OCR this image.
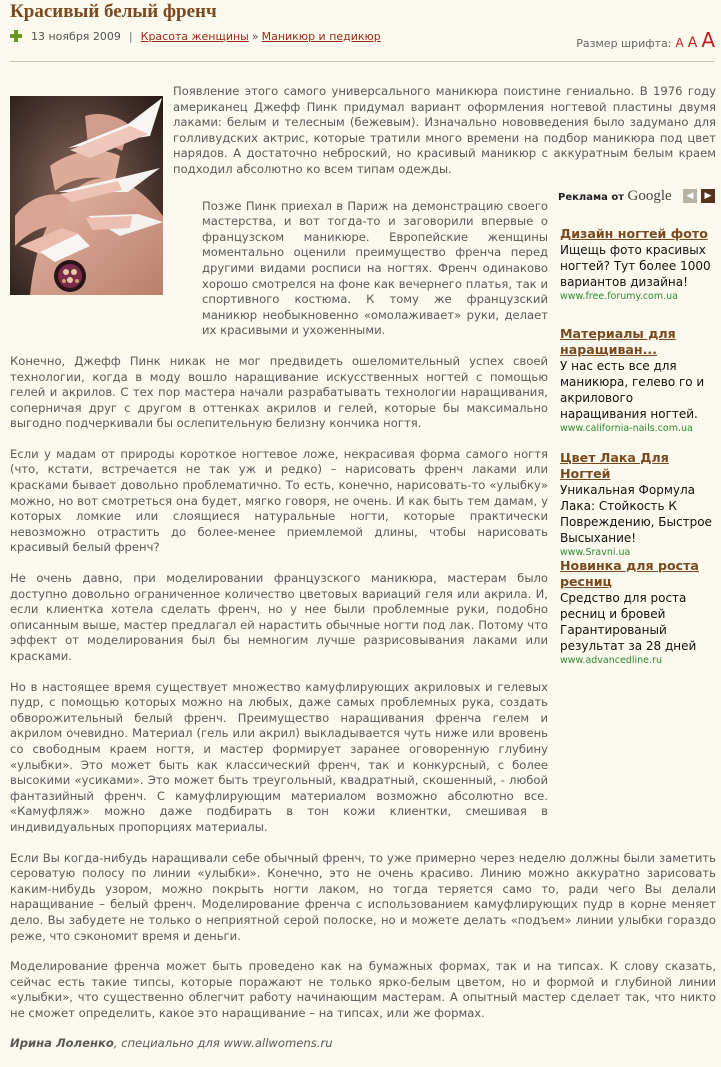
Красивый белый френч
13 ноября 2009 | Красота женщины » Маникюр и педикюр
Размер шрифта: A A A

Появление этого самого универсального маникюра поистине гениально. В 1976 году американец Джефф Пинк придумал вариант оформления ногтевой пластины двумя лаками: белым и телесным (бежевым). Изначально нововведения было задумано для голливудских актрис, которые тратили много времени на подбор маникюра под цвет нарядов. А достаточно неброский, но красивый маникюр с аккуратным белым краем подходил абсолютно ко всем типам одежды.

Позже Пинк приехал в Париж на демонстрацию своего мастерства, и вот тогда-то и заговорили впервые о французском маникюре. Европейские женщины моментально оценили преимущество френча перед другими видами росписи на ногтях. Френч одинаково хорошо смотрелся на фоне как вечернего платья, так и спортивного костюма. К тому же французский маникюр необыкновенно «омолаживает» руки, делает их красивыми и ухоженными.

Конечно, Джефф Пинк никак не мог предвидеть ошеломительный успех своей технологии, когда в моду вошло наращивание искусственных ногтей с помощью гелей и акрилов. С тех пор мастера начали разрабатывать технологии наращивания, соперничая друг с другом в оттенках акрилов и гелей, которые бы максимально выгодно подчеркивали бы ослепительную белизну кончика ногтя.

Если у мадам от природы короткое ногтевое ложе, некрасивая форма самого ногтя (что, кстати, встречается не так уж и редко) – нарисовать френч лаками или красками бывает довольно проблематично. То есть, конечно, нарисовать-то «улыбку» можно, но вот смотреться она будет, мягко говоря, не очень. И как быть тем дамам, у которых ломкие или слоящиеся натуральные ногти, которые практически невозможно отрастить до более-менее приемлемой длины, чтобы нарисовать красивый белый френч?

Не очень давно, при моделировании французского маникюра, мастерам было доступно довольно ограниченное количество цветовых вариаций геля или акрила. И, если клиентка хотела сделать френч, но у нее были проблемные руки, подобно описанным выше, мастер предлагал ей нарастить обычные ногти под лак. Потому что эффект от моделирования был бы немногим лучше разрисовывания лаками или красками.

Но в настоящее время существует множество камуфлирующих акриловых и гелевых пудр, с помощью которых можно на любых, даже самых проблемных рука, создать обворожительный белый френч. Преимущество наращивания френча гелем и акрилом очевидно. Материал (гель или акрил) выкладывается чуть ниже или вровень со свободным краем ногтя, и мастер формирует заранее оговоренную глубину «улыбки». Это может быть как классический френч, так и конкурсный, с более высокими «усиками». Это может быть треугольный, квадратный, скошенный, - любой фантазийный френч. С камуфлирующим материалом возможно абсолютно все. «Камуфляж» можно даже подбирать в тон кожи клиентки, смешивая в индивидуальных пропорциях материалы.

Если Вы когда-нибудь наращивали себе обычный френч, то уже примерно через неделю должны были заметить сероватую полосу по линии «улыбки». Конечно, это не очень красиво. Линию можно аккуратно зарисовать каким-нибудь узором, можно покрыть ногти лаком, но тогда теряется само то, ради чего Вы делали наращивание – белый френч. Моделирование френча с использованием камуфлирующих пудр в корне меняет дело. Вы забудете не только о неприятной серой полоске, но и можете делать «подъем» линии улыбки гораздо реже, что сэкономит время и деньги.

Моделирование френча может быть проведено как на бумажных формах, так и на типсах. К слову сказать, сейчас есть такие типсы, которые поражают не только ярко-белым цветом, но и формой и глубиной линии «улыбки», что существенно облегчит работу начинающим мастерам. А опытный мастер сделает так, что никто не сможет определить, какое это наращивание – на типсах, или же формах.

Ирина Лоленко, специально для www.allwomens.ru

Реклама от Google	◀	▶
Дизайн ногтей фото
Ищещь фото красивых ногтей? Тут более 1000 вариантов дизайна!
www.free.forumy.com.ua
Материалы для наращиван...
У нас есть все для маникюра, гелево го и акрилового наращивания ногтей.
www.california-nails.com.ua
Цвет Лака Для Ногтей
Уникальная Формула Лака: Стойкость К Повреждению, Быстрое Высыхание!
www.Sravni.ua
Новинка для роста ресниц
Средство для роста ресниц и бровей Гарантированый результат за 28 дней
www.advancedline.ru
